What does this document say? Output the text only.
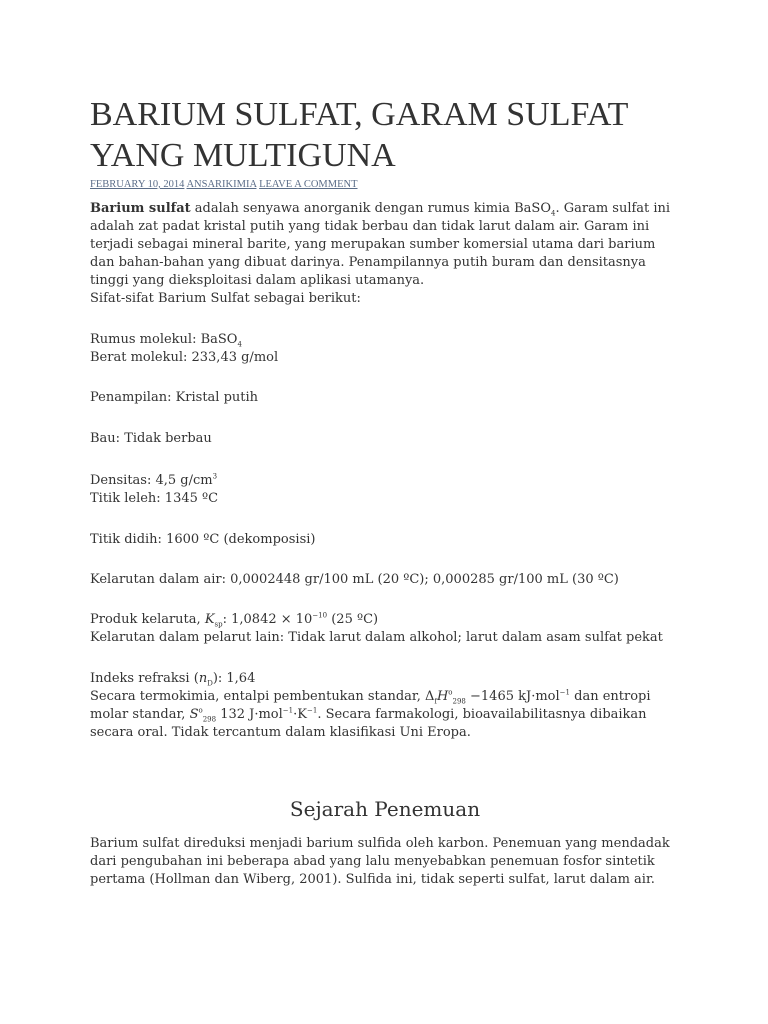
BARIUM SULFAT, GARAM SULFAT YANG MULTIGUNA

FEBRUARY 10, 2014 ANSARIKIMIA LEAVE A COMMENT

Barium sulfat adalah senyawa anorganik dengan rumus kimia BaSO$_4$. Garam sulfat ini adalah zat padat kristal putih yang tidak berbau dan tidak larut dalam air. Garam ini terjadi sebagai mineral barite, yang merupakan sumber komersial utama dari barium dan bahan-bahan yang dibuat darinya. Penampilannya putih buram dan densitasnya tinggi yang dieksploitasi dalam aplikasi utamanya.
Sifat-sifat Barium Sulfat sebagai berikut:

Rumus molekul: BaSO$_4$
Berat molekul: 233,43 g/mol

Penampilan: Kristal putih

Bau: Tidak berbau

Densitas: 4,5 $g/cm^3$
Titik leleh: 1345 ºC

Titik didih: 1600 ºC (dekomposisi)

Kelarutan dalam air: 0,0002448 gr/100 mL (20 ºC); 0,000285 gr/100 mL (30 ºC)

Produk kelaruta, $K_{sp}$: $1,0842 \times 10^{-10}$ (25 ºC)
Kelarutan dalam pelarut lain: Tidak larut dalam alkohol; larut dalam asam sulfat pekat

Indeks refraksi $(n_D)$: 1,64
Secara termokimia, entalpi pembentukan standar, $\Delta_fH^o_{298} -1465$ kJ·mol$^{-1}$ dan entropi molar standar, $S^o_{298}$ 132 $J\cdot mol^{-1}\cdot K^{-1}$. Secara farmakologi, bioavailabilitasnya dibaikan secara oral. Tidak tercantum dalam klasifikasi Uni Eropa.

Sejarah Penemuan

Barium sulfat direduksi menjadi barium sulfida oleh karbon. Penemuan yang mendadak dari pengubahan ini beberapa abad yang lalu menyebabkan penemuan fosfor sintetik pertama (Hollman dan Wiberg, 2001). Sulfida ini, tidak seperti sulfat, larut dalam air.
